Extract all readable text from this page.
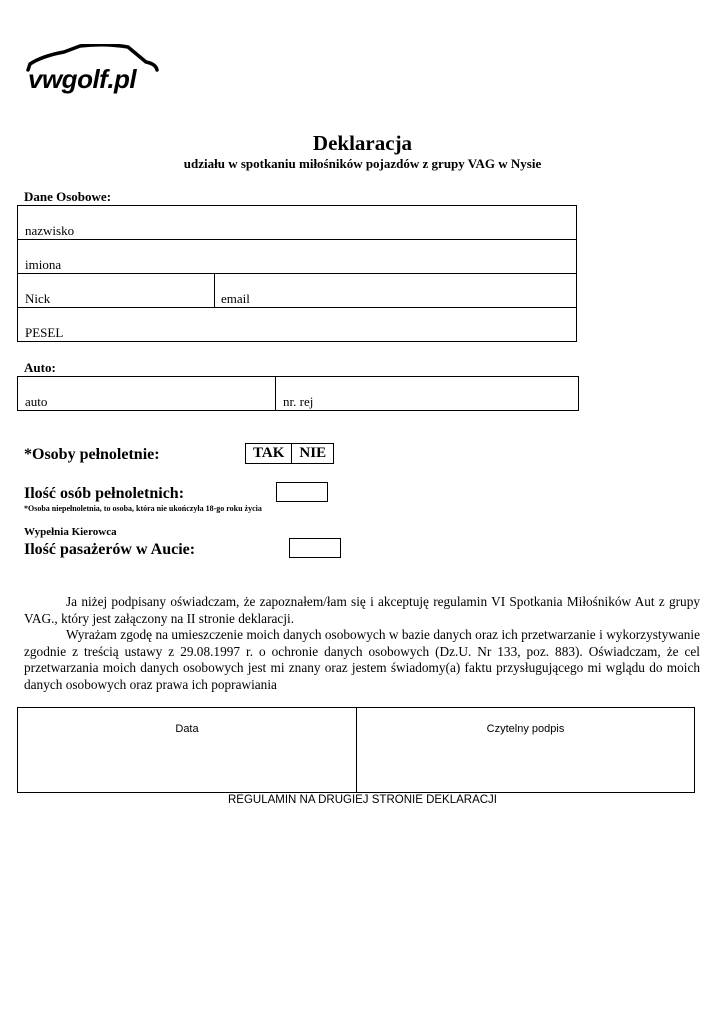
vwgolf.pl
Deklaracja
udziału w spotkaniu miłośników pojazdów z grupy VAG w Nysie
Dane Osobowe:
nazwisko
imiona
Nick	email
PESEL
Auto:
auto	nr. rej
*Osoby pełnoletnie:	TAK NIE
Ilość osób pełnoletnich:
*Osoba niepełnoletnia, to osoba, która nie ukończyła 18-go roku życia
Wypełnia Kierowca
Ilość pasażerów w Aucie:
Ja niżej podpisany oświadczam, że zapoznałem/łam się i akceptuję regulamin VI Spotkania Miłośników Aut z grupy VAG., który jest załączony na II stronie deklaracji.
Wyrażam zgodę na umieszczenie moich danych osobowych w bazie danych oraz ich przetwarzanie i wykorzystywanie zgodnie z treścią ustawy z 29.08.1997 r. o ochronie danych osobowych (Dz.U. Nr 133, poz. 883). Oświadczam, że cel przetwarzania moich danych osobowych jest mi znany oraz jestem świadomy(a) faktu przysługującego mi wglądu do moich danych osobowych oraz prawa ich poprawiania
Data	Czytelny podpis
REGULAMIN NA DRUGIEJ STRONIE DEKLARACJI
